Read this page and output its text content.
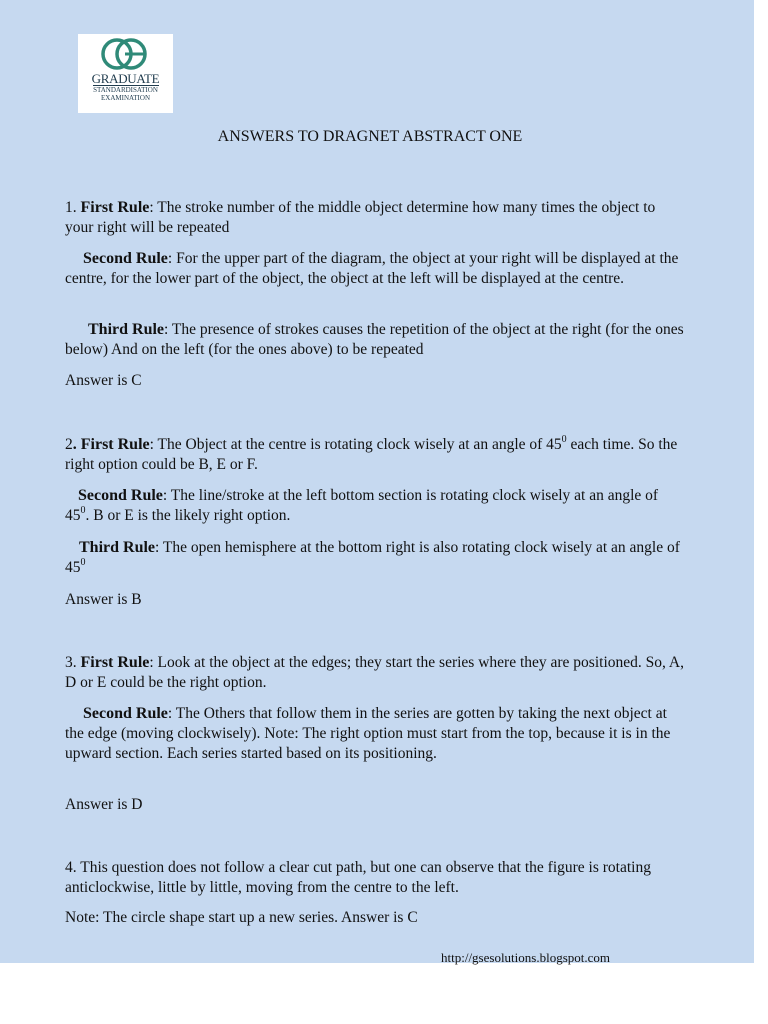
GRADUATE
STANDARDISATION
EXAMINATION
ANSWERS TO DRAGNET ABSTRACT ONE

1. First Rule: The stroke number of the middle object determine how many times the object to your right will be repeated

Second Rule: For the upper part of the diagram, the object at your right will be displayed at the centre, for the lower part of the object, the object at the left will be displayed at the centre.

Third Rule: The presence of strokes causes the repetition of the object at the right (for the ones below) And on the left (for the ones above) to be repeated

Answer is C

2. First Rule: The Object at the centre is rotating clock wisely at an angle of $45^0$ each time. So the right option could be B, E or F.

Second Rule: The line/stroke at the left bottom section is rotating clock wisely at an angle of $45^0$. B or E is the likely right option.

Third Rule: The open hemisphere at the bottom right is also rotating clock wisely at an angle of $45^0$

Answer is B

3. First Rule: Look at the object at the edges; they start the series where they are positioned. So, A, D or E could be the right option.

Second Rule: The Others that follow them in the series are gotten by taking the next object at the edge (moving clockwisely). Note: The right option must start from the top, because it is in the upward section. Each series started based on its positioning.

Answer is D

4. This question does not follow a clear cut path, but one can observe that the figure is rotating anticlockwise, little by little, moving from the centre to the left.

Note: The circle shape start up a new series. Answer is C

http://gsesolutions.blogspot.com
